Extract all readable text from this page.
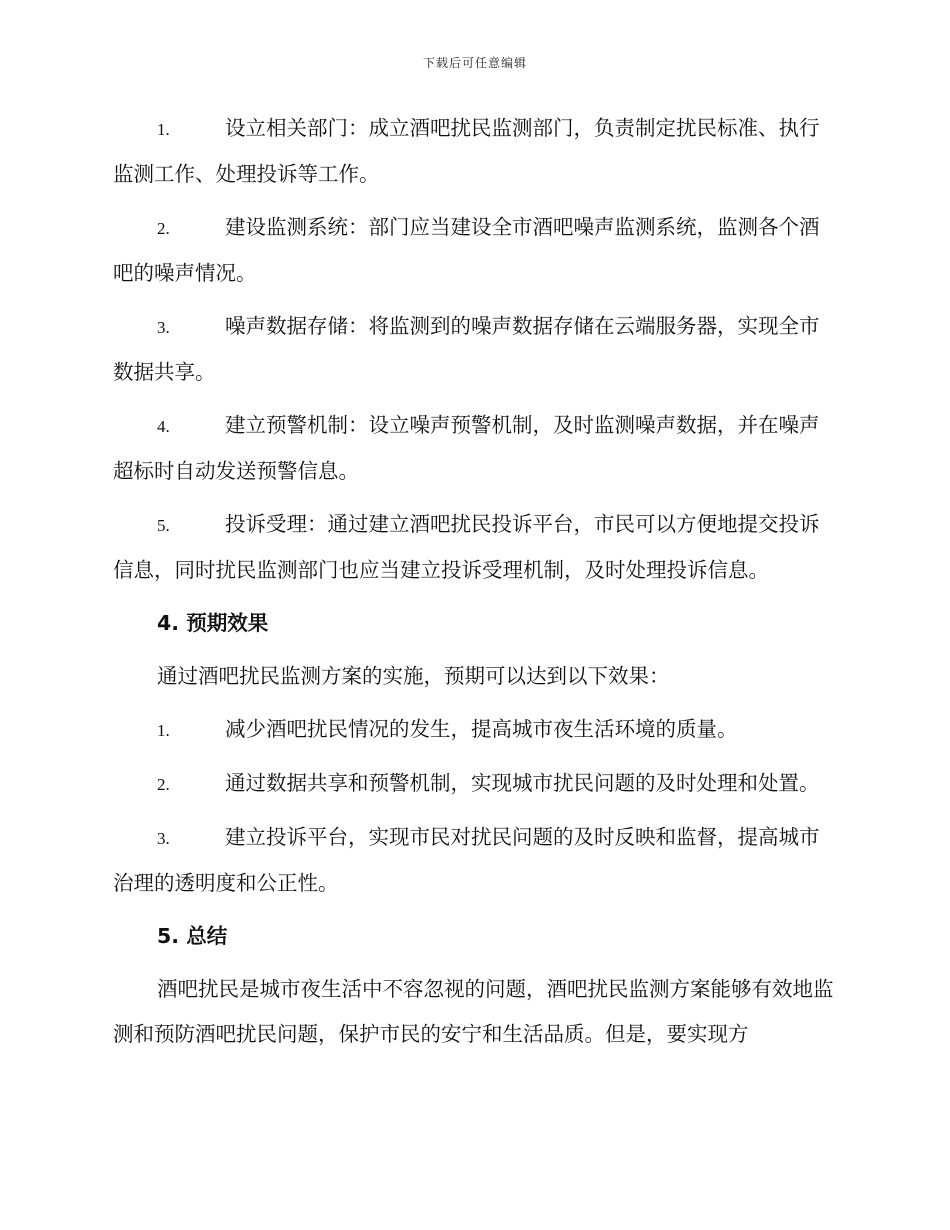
下载后可任意编辑
1.	设立相关部门：成立酒吧扰民监测部门，负责制定扰民标准、执行监测工作、处理投诉等工作。
2.	建设监测系统：部门应当建设全市酒吧噪声监测系统，监测各个酒吧的噪声情况。
3.	噪声数据存储：将监测到的噪声数据存储在云端服务器，实现全市数据共享。
4.	建立预警机制：设立噪声预警机制，及时监测噪声数据，并在噪声超标时自动发送预警信息。
5.	投诉受理：通过建立酒吧扰民投诉平台，市民可以方便地提交投诉信息，同时扰民监测部门也应当建立投诉受理机制，及时处理投诉信息。
4. 预期效果
通过酒吧扰民监测方案的实施，预期可以达到以下效果：
1.	减少酒吧扰民情况的发生，提高城市夜生活环境的质量。
2.	通过数据共享和预警机制，实现城市扰民问题的及时处理和处置。
3.	建立投诉平台，实现市民对扰民问题的及时反映和监督，提高城市治理的透明度和公正性。
5. 总结
酒吧扰民是城市夜生活中不容忽视的问题，酒吧扰民监测方案能够有效地监测和预防酒吧扰民问题，保护市民的安宁和生活品质。但是，要实现方
